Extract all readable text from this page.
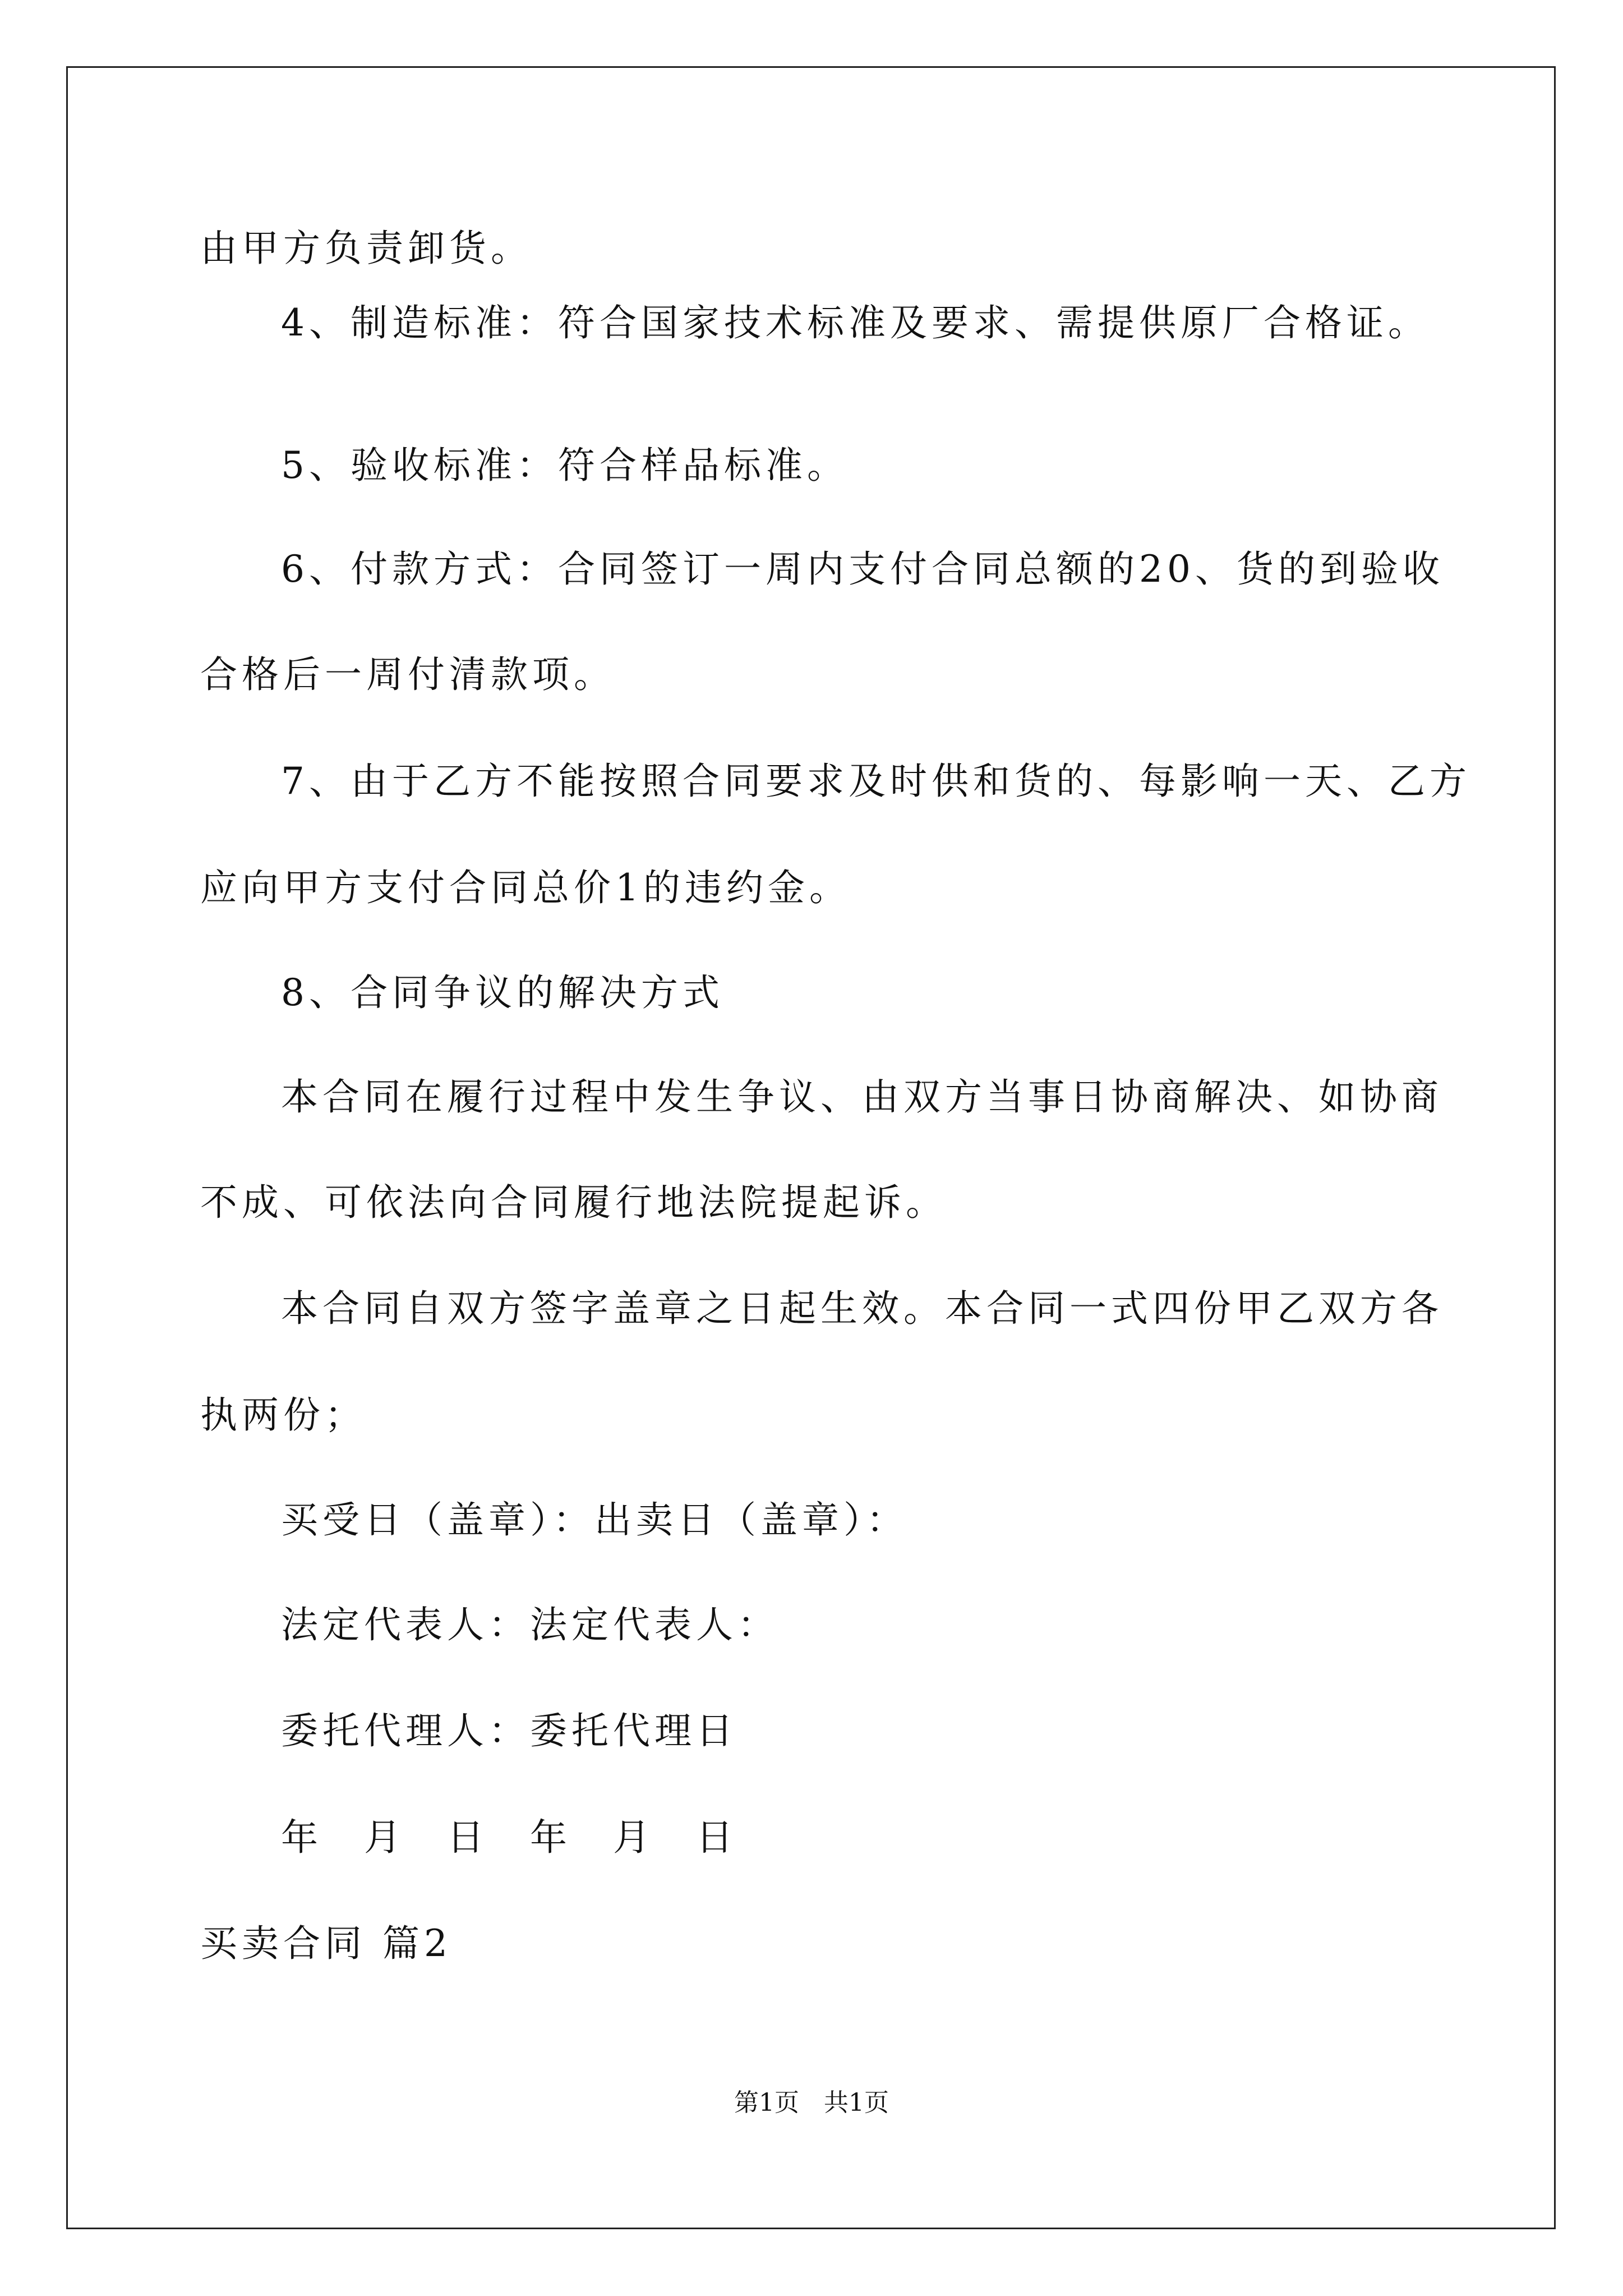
由甲方负责卸货。
4、制造标准：符合国家技术标准及要求、需提供原厂合格证。
5、验收标准：符合样品标准。
6、付款方式：合同签订一周内支付合同总额的20、货的到验收
合格后一周付清款项。
7、由于乙方不能按照合同要求及时供和货的、每影响一天、乙方
应向甲方支付合同总价1的违约金。
8、合同争议的解决方式
本合同在履行过程中发生争议、由双方当事日协商解决、如协商
不成、可依法向合同履行地法院提起诉。
本合同自双方签字盖章之日起生效。本合同一式四份甲乙双方各
执两份；
买受日（盖章）：出卖日（盖章）：
法定代表人：法定代表人：
委托代理人：委托代理日
年　月　日　年　月　日
买卖合同 篇2
第1页　共1页
